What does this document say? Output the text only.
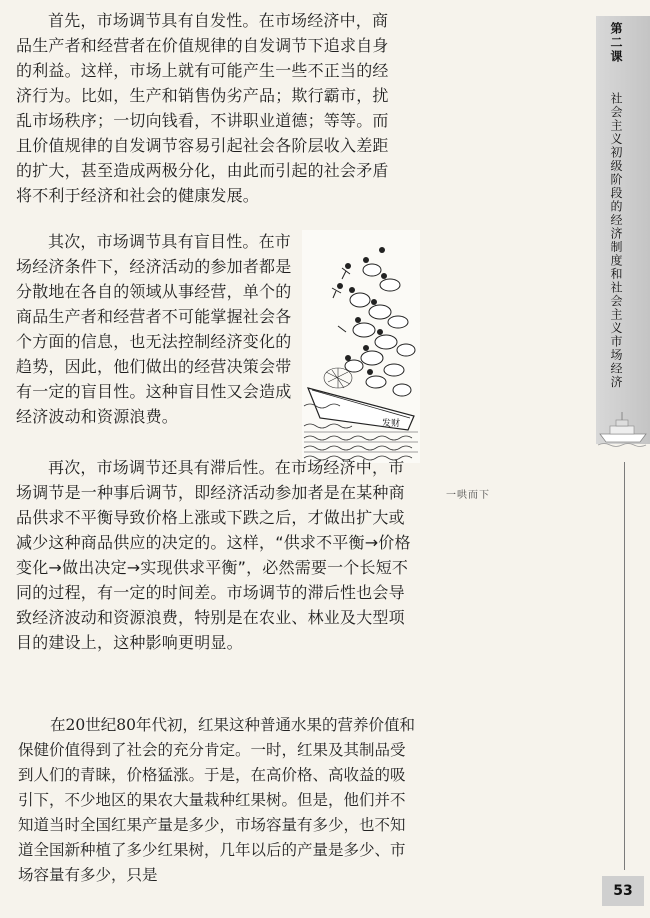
首先，市场调节具有自发性。在市场经济中，商品生产者和经营者在价值规律的自发调节下追求自身的利益。这样，市场上就有可能产生一些不正当的经济行为。比如，生产和销售伪劣产品；欺行霸市，扰乱市场秩序；一切向钱看，不讲职业道德；等等。而且价值规律的自发调节容易引起社会各阶层收入差距的扩大，甚至造成两极分化，由此而引起的社会矛盾将不利于经济和社会的健康发展。

其次，市场调节具有盲目性。在市场经济条件下，经济活动的参加者都是分散地在各自的领域从事经营，单个的商品生产者和经营者不可能掌握社会各个方面的信息，也无法控制经济变化的趋势，因此，他们做出的经营决策会带有一定的盲目性。这种盲目性又会造成经济波动和资源浪费。	发财
一哄而下

再次，市场调节还具有滞后性。在市场经济中，市场调节是一种事后调节，即经济活动参加者是在某种商品供求不平衡导致价格上涨或下跌之后，才做出扩大或减少这种商品供应的决定的。这样，“供求不平衡→价格变化→做出决定→实现供求平衡”，必然需要一个长短不同的过程，有一定的时间差。市场调节的滞后性也会导致经济波动和资源浪费，特别是在农业、林业及大型项目的建设上，这种影响更明显。

在20世纪80年代初，红果这种普通水果的营养价值和保健价值得到了社会的充分肯定。一时，红果及其制品受到人们的青睐，价格猛涨。于是，在高价格、高收益的吸引下，不少地区的果农大量栽种红果树。但是，他们并不知道当时全国红果产量是多少，市场容量有多少，也不知道全国新种植了多少红果树，几年以后的产量是多少、市场容量有多少，只是
第二课
社会主义初级阶段的经济制度和社会主义市场经济
53
